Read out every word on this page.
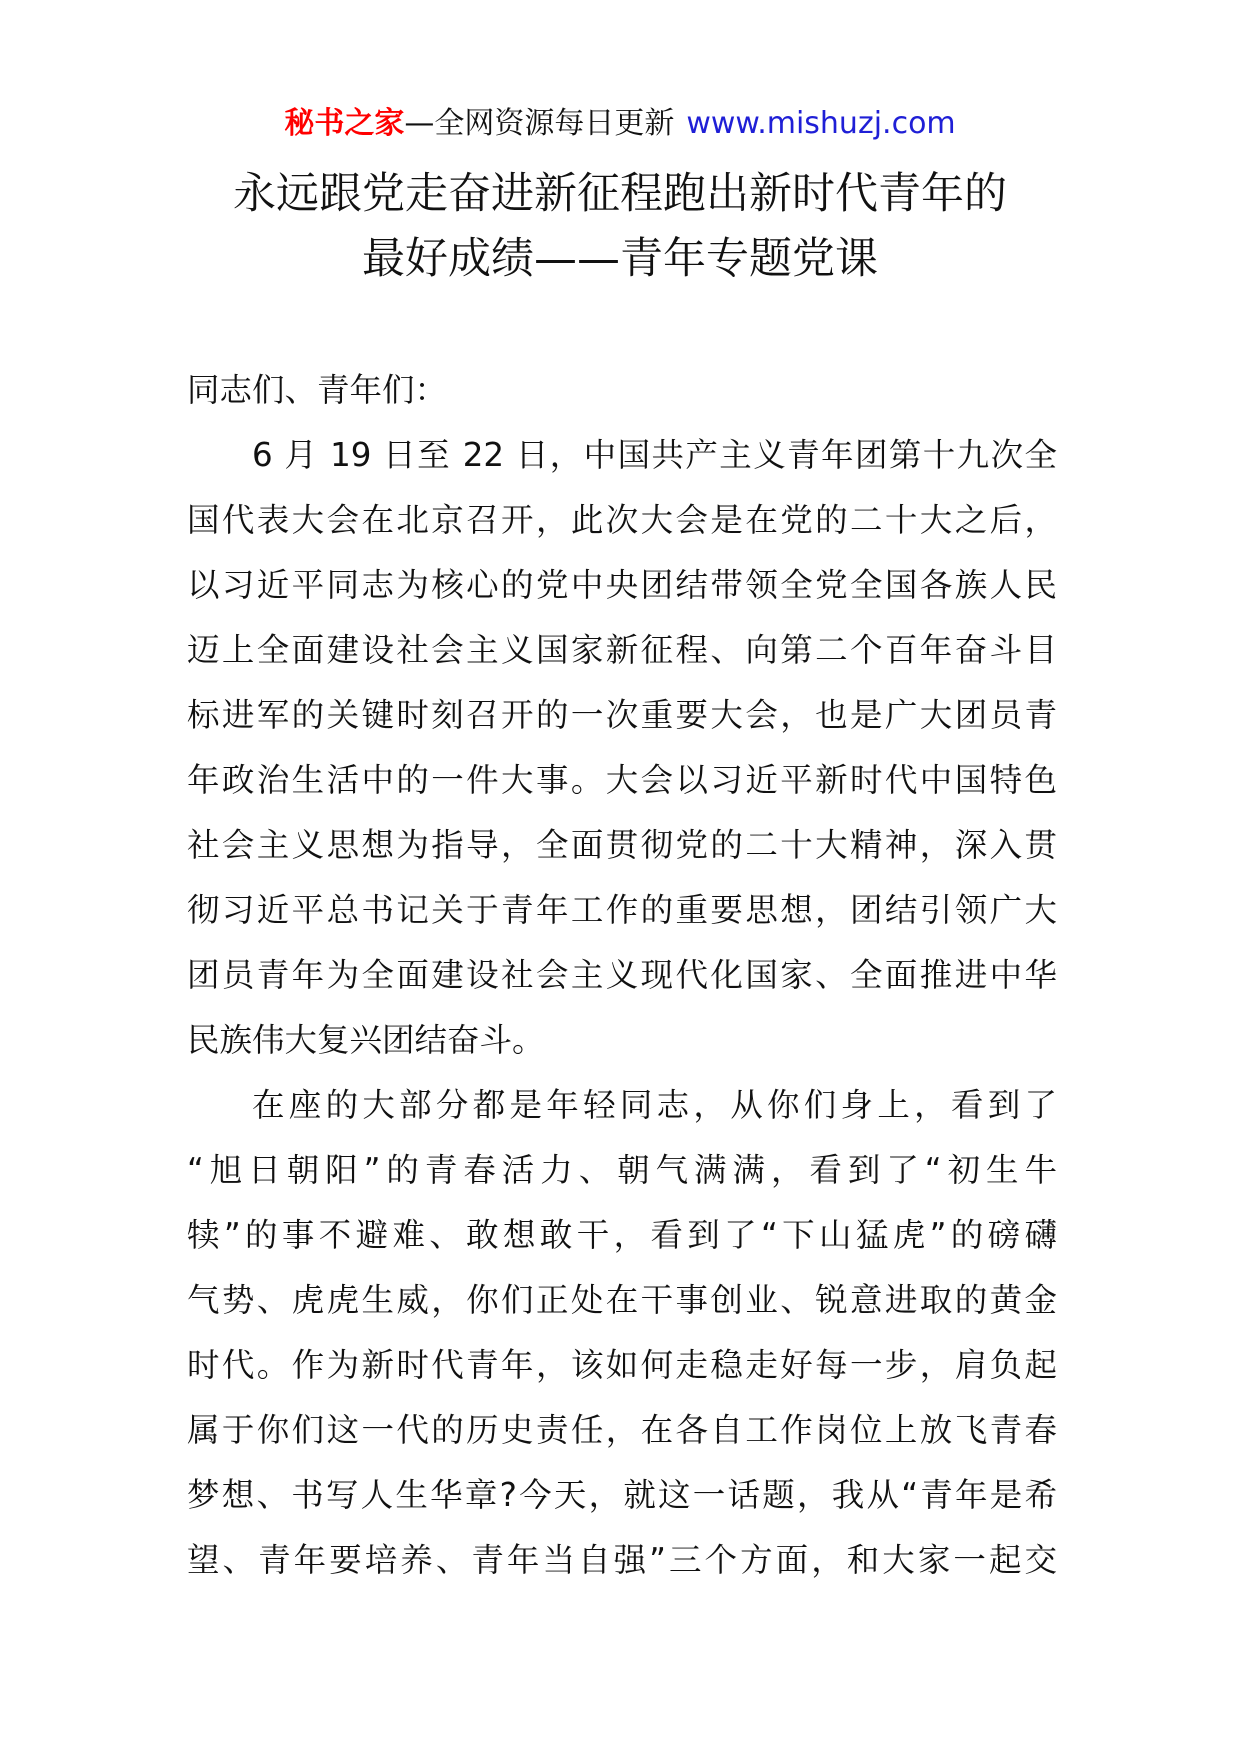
秘书之家—全网资源每日更新 www.mishuzj.com
永远跟党走奋进新征程跑出新时代青年的
最好成绩——青年专题党课

同志们、青年们：

6 月 19 日至 22 日，中国共产主义青年团第十九次全
国代表大会在北京召开，此次大会是在党的二十大之后，
以习近平同志为核心的党中央团结带领全党全国各族人民
迈上全面建设社会主义国家新征程、向第二个百年奋斗目
标进军的关键时刻召开的一次重要大会，也是广大团员青
年政治生活中的一件大事。大会以习近平新时代中国特色
社会主义思想为指导，全面贯彻党的二十大精神，深入贯
彻习近平总书记关于青年工作的重要思想，团结引领广大
团员青年为全面建设社会主义现代化国家、全面推进中华
民族伟大复兴团结奋斗。

在座的大部分都是年轻同志，从你们身上，看到了
“旭日朝阳”的青春活力、朝气满满，看到了“初生牛
犊”的事不避难、敢想敢干，看到了“下山猛虎”的磅礴
气势、虎虎生威，你们正处在干事创业、锐意进取的黄金
时代。作为新时代青年，该如何走稳走好每一步，肩负起
属于你们这一代的历史责任，在各自工作岗位上放飞青春
梦想、书写人生华章?今天，就这一话题，我从“青年是希
望、青年要培养、青年当自强”三个方面，和大家一起交
